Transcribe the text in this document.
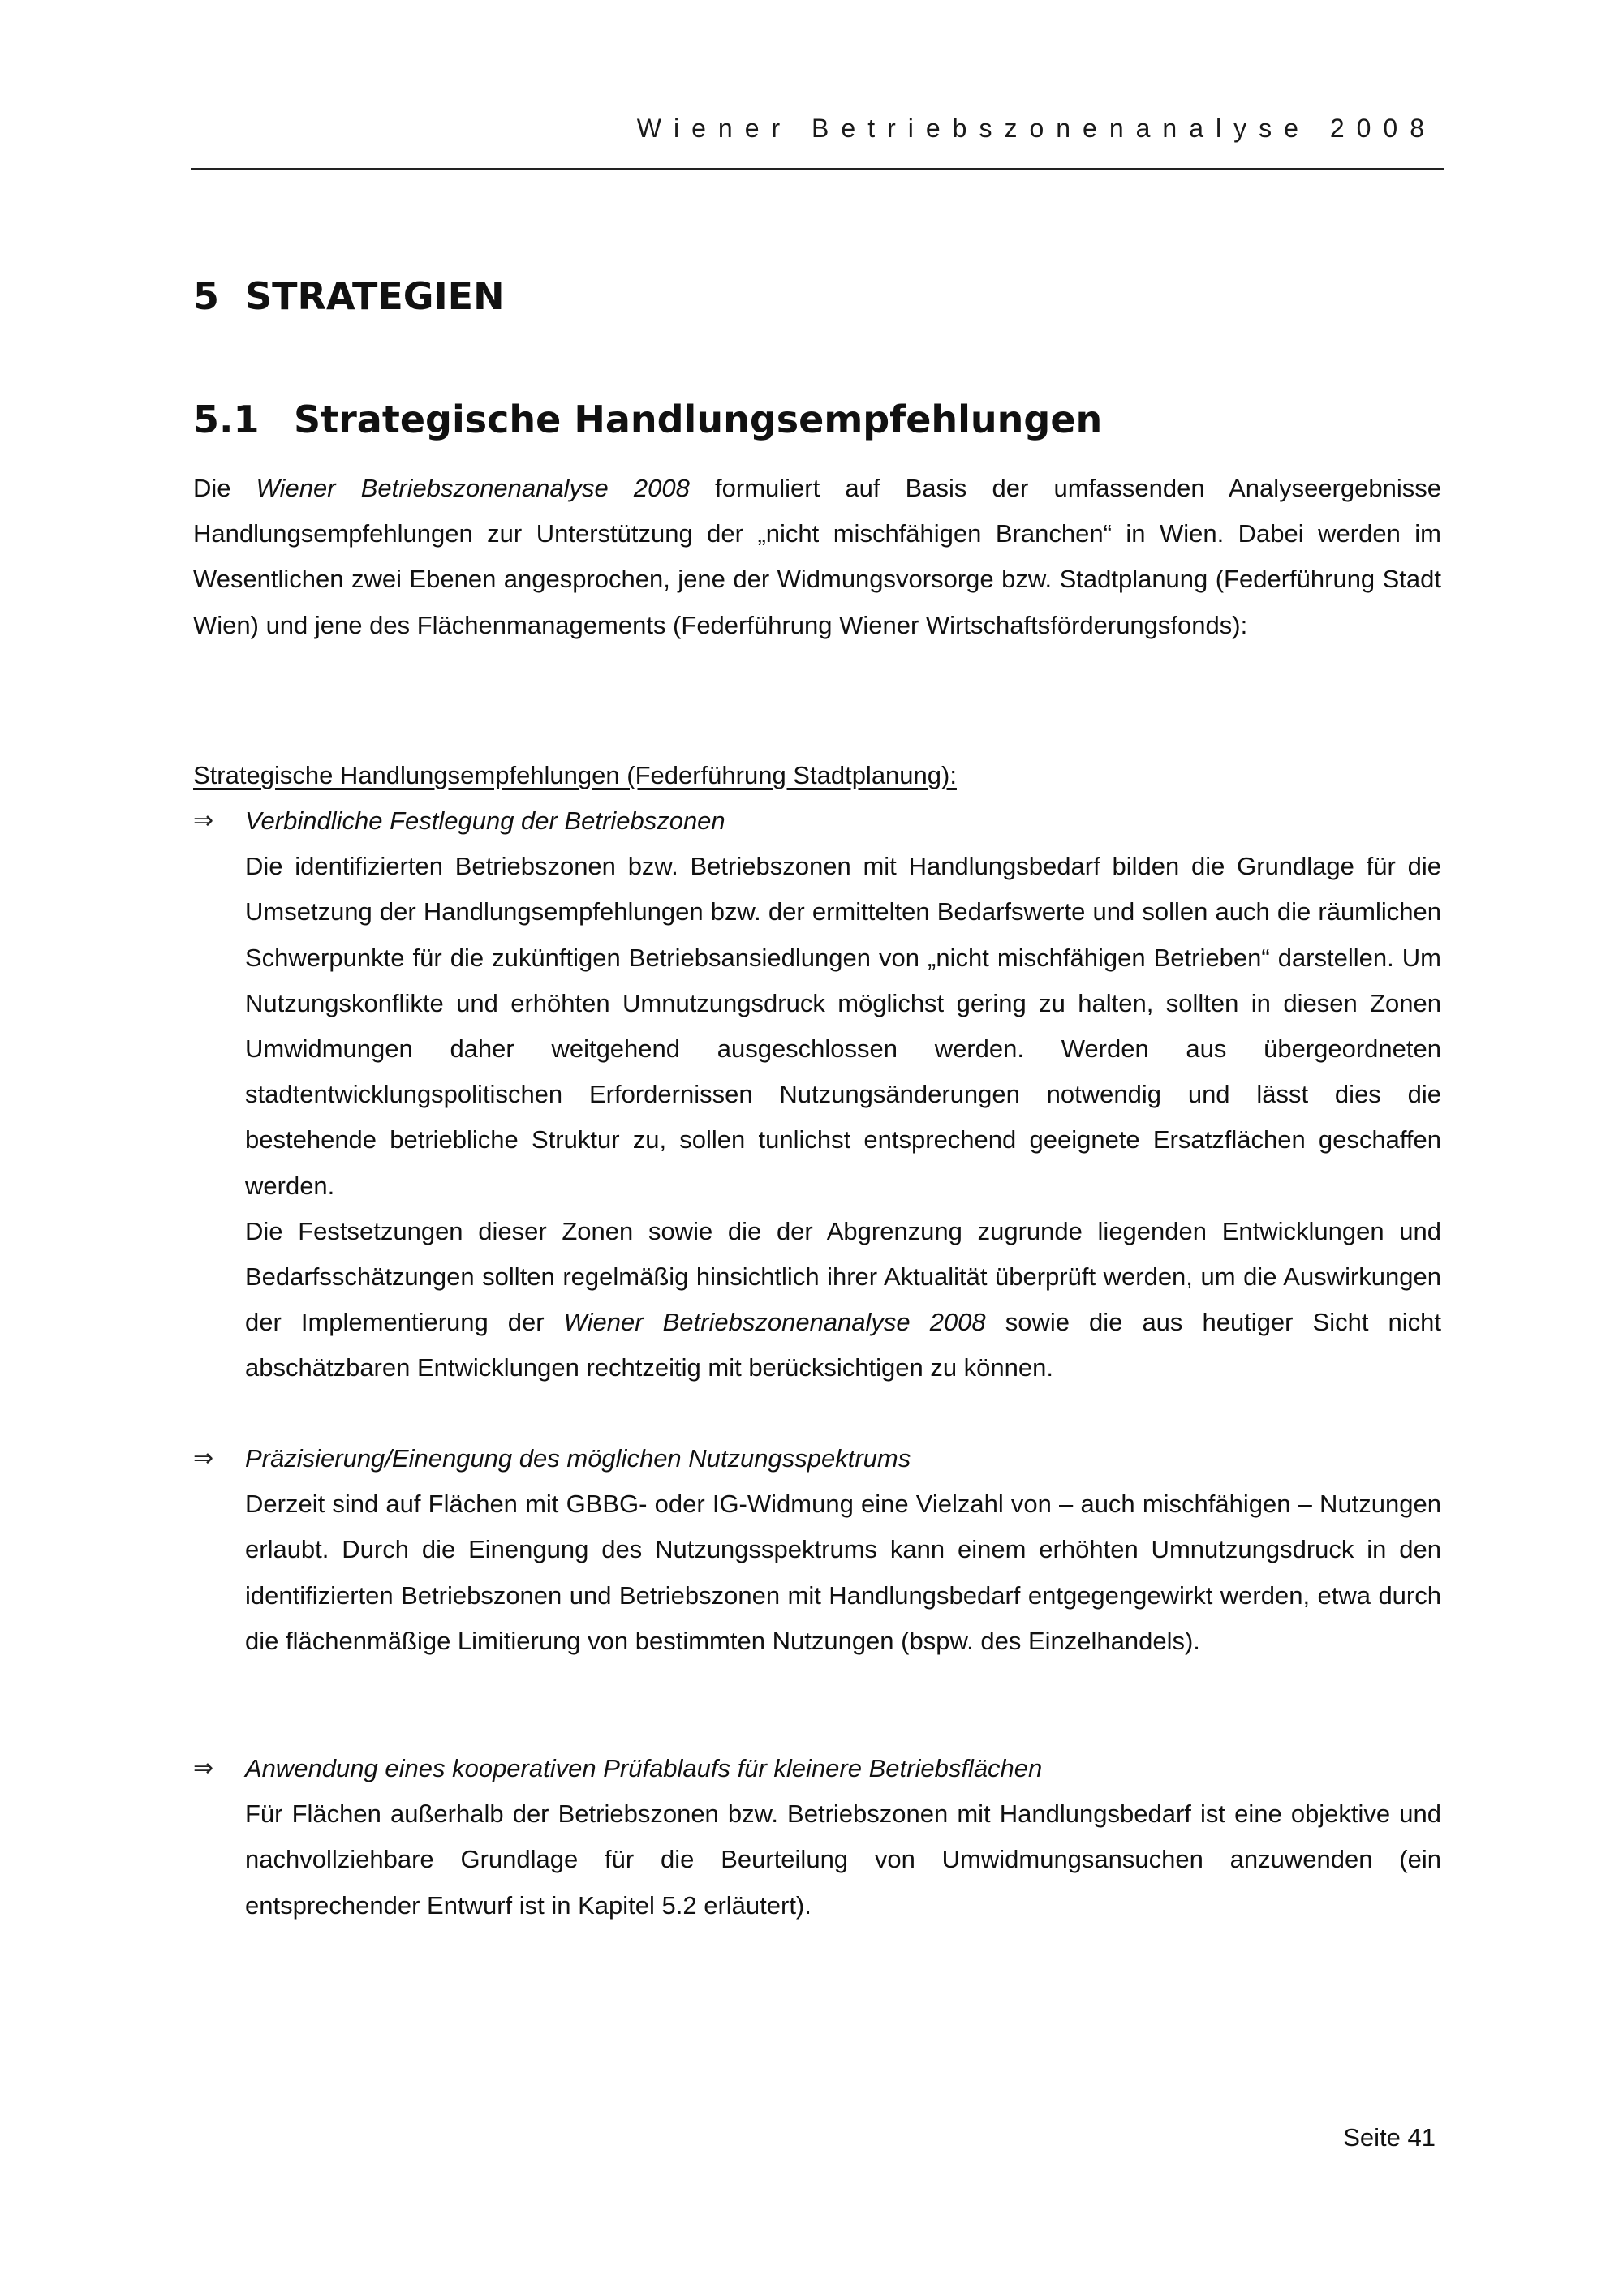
Wiener Betriebszonenanalyse 2008
5 STRATEGIEN
5.1 Strategische Handlungsempfehlungen

Die Wiener Betriebszonenanalyse 2008 formuliert auf Basis der umfassenden Analyseergebnisse Handlungsempfehlungen zur Unterstützung der „nicht mischfähigen Branchen“ in Wien. Dabei werden im Wesentlichen zwei Ebenen angesprochen, jene der Widmungsvorsorge bzw. Stadtplanung (Federführung Stadt Wien) und jene des Flächenmanagements (Federführung Wiener Wirtschaftsförderungsfonds):

Strategische Handlungsempfehlungen (Federführung Stadtplanung):

⇒	Verbindliche Festlegung der Betriebszonen

Die identifizierten Betriebszonen bzw. Betriebszonen mit Handlungsbedarf bilden die Grundlage für die Umsetzung der Handlungsempfehlungen bzw. der ermittelten Bedarfswerte und sollen auch die räumlichen Schwerpunkte für die zukünftigen Betriebsansiedlungen von „nicht mischfähigen Betrieben“ darstellen. Um Nutzungskonflikte und erhöhten Umnutzungsdruck möglichst gering zu halten, sollten in diesen Zonen Umwidmungen daher weitgehend ausgeschlossen werden. Werden aus übergeordneten stadtentwicklungspolitischen Erfordernissen Nutzungsänderungen notwendig und lässt dies die bestehende betriebliche Struktur zu, sollen tunlichst entsprechend geeignete Ersatzflächen geschaffen werden.

Die Festsetzungen dieser Zonen sowie die der Abgrenzung zugrunde liegenden Entwicklungen und Bedarfsschätzungen sollten regelmäßig hinsichtlich ihrer Aktualität überprüft werden, um die Auswirkungen der Implementierung der Wiener Betriebszonenanalyse 2008 sowie die aus heutiger Sicht nicht abschätzbaren Entwicklungen rechtzeitig mit berücksichtigen zu können.

⇒	Präzisierung/Einengung des möglichen Nutzungsspektrums

Derzeit sind auf Flächen mit GBBG- oder IG-Widmung eine Vielzahl von – auch mischfähigen – Nutzungen erlaubt. Durch die Einengung des Nutzungsspektrums kann einem erhöhten Umnutzungsdruck in den identifizierten Betriebszonen und Betriebszonen mit Handlungsbedarf entgegengewirkt werden, etwa durch die flächenmäßige Limitierung von bestimmten Nutzungen (bspw. des Einzelhandels).

⇒	Anwendung eines kooperativen Prüfablaufs für kleinere Betriebsflächen

Für Flächen außerhalb der Betriebszonen bzw. Betriebszonen mit Handlungsbedarf ist eine objektive und nachvollziehbare Grundlage für die Beurteilung von Umwidmungsansuchen anzuwenden (ein entsprechender Entwurf ist in Kapitel 5.2 erläutert).

Seite 41
